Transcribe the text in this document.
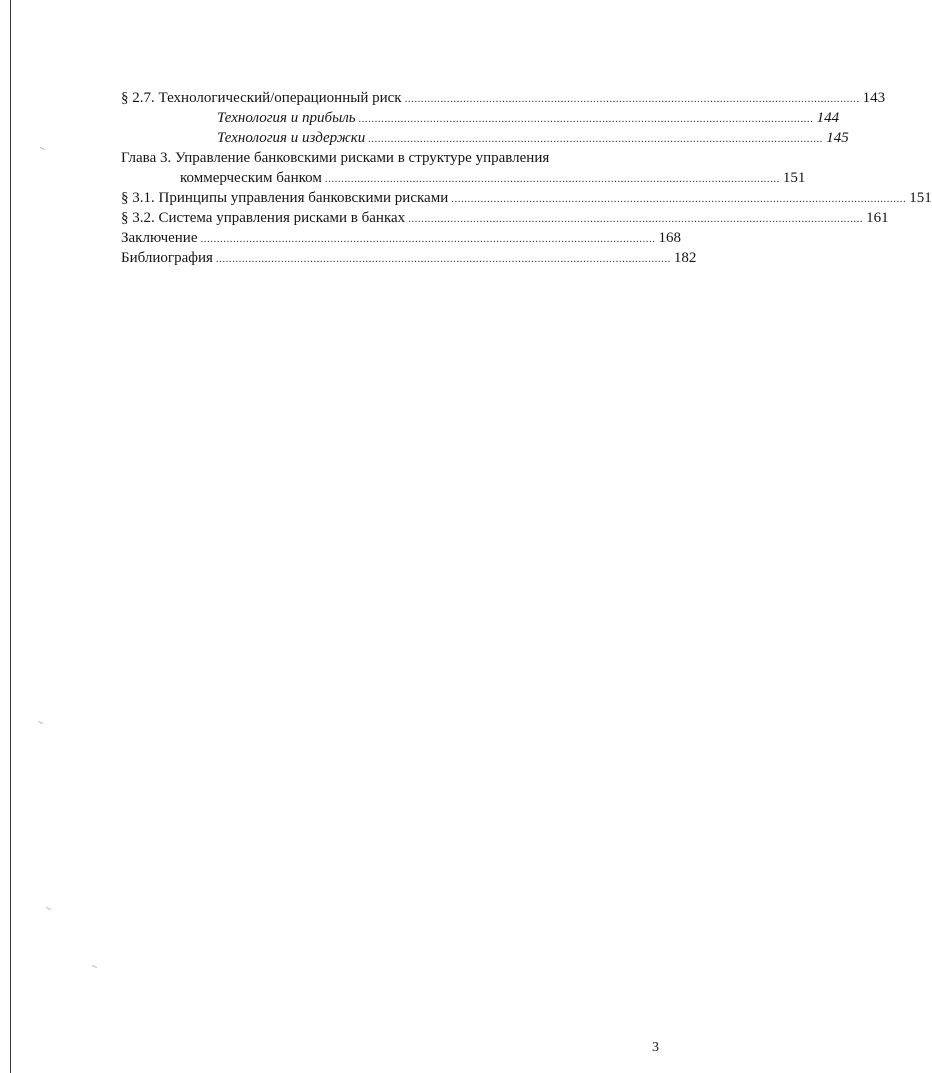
§ 2.7. Технологический/операционный риск ............................................................................................................................................ 143
Технология и прибыль ............................................................................................................................................ 144
Технология и издержки ............................................................................................................................................ 145
Глава 3. Управление банковскими рисками в структуре управления
коммерческим банком ............................................................................................................................................ 151
§ 3.1. Принципы управления банковскими рисками ............................................................................................................................................ 151
§ 3.2. Система управления рисками в банках ............................................................................................................................................ 161
Заключение ............................................................................................................................................ 168
Библиография ............................................................................................................................................ 182
3
